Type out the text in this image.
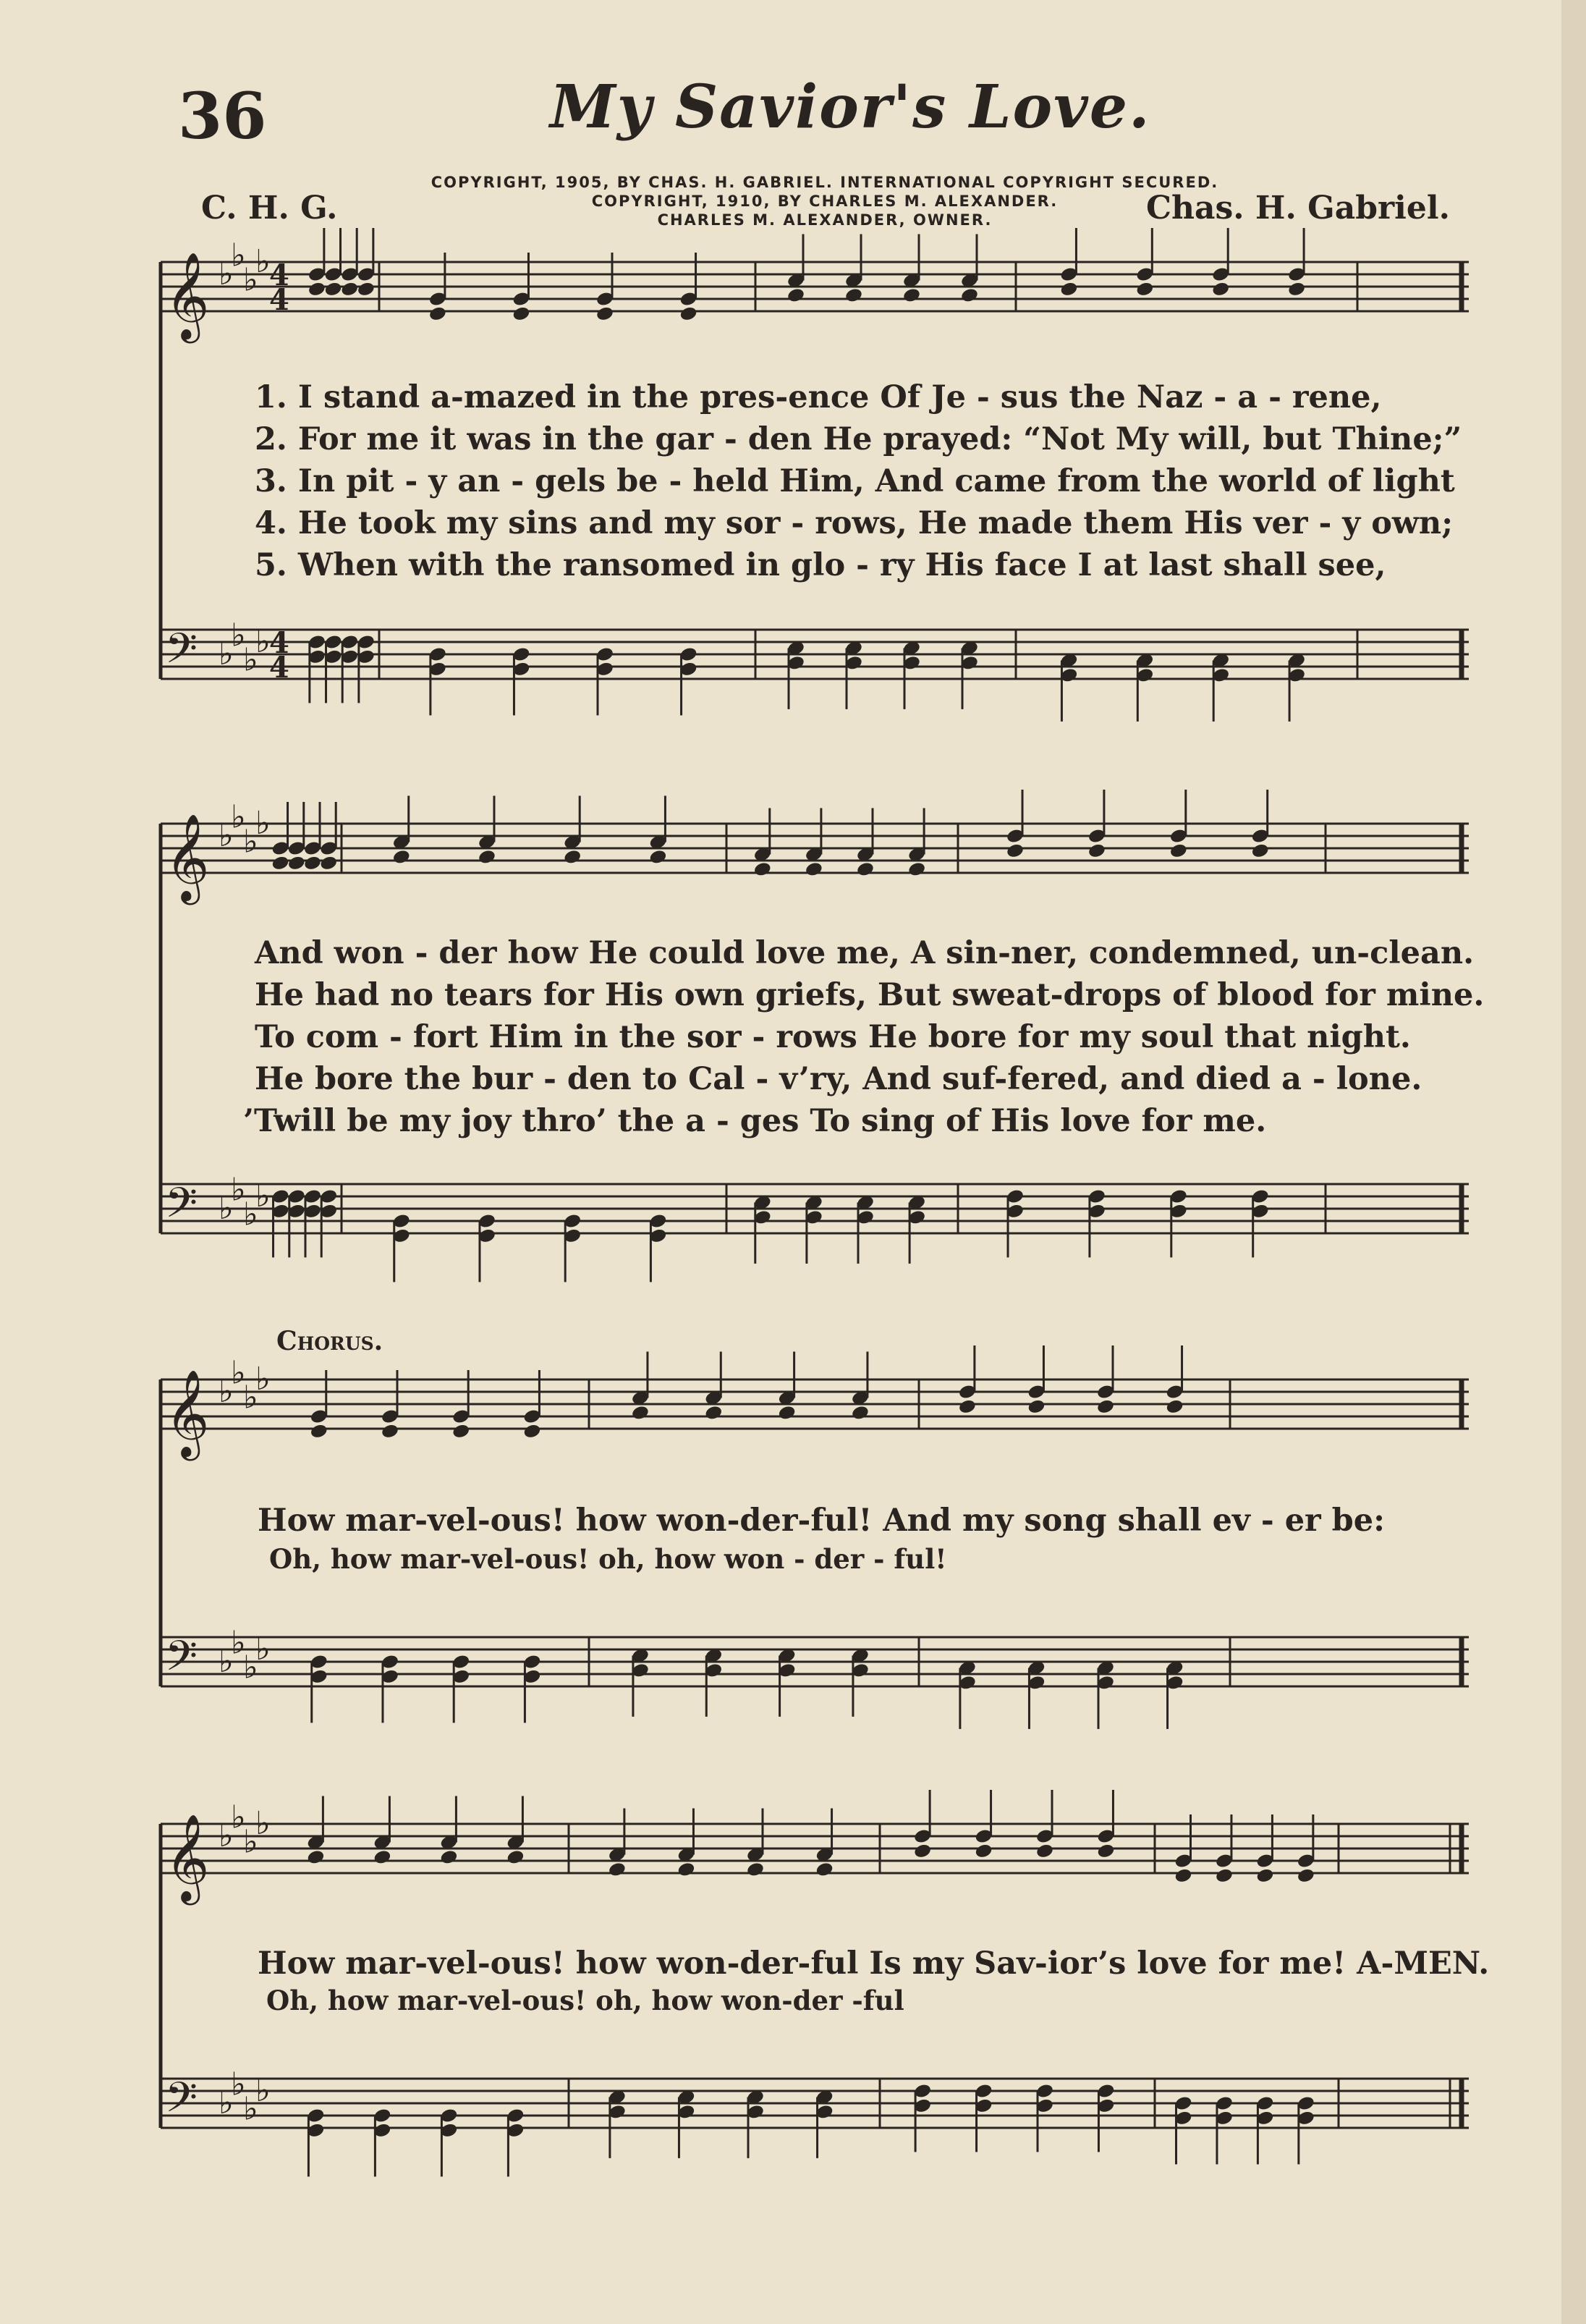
36	My Savior's Love.
COPYRIGHT, 1905, BY CHAS. H. GABRIEL. INTERNATIONAL COPYRIGHT SECURED.
COPYRIGHT, 1910, BY CHARLES M. ALEXANDER.
CHARLES M. ALEXANDER, OWNER.
C. H. G.	Chas. H. Gabriel.
𝄞 ♭
♭
♭
♭
4
4
𝄢 ♭
♭
♭
♭
4
4
𝄞 ♭
♭
♭
♭
𝄢 ♭
♭
♭
♭
𝄞 ♭
♭
♭
♭
𝄢 ♭
♭
♭
♭
𝄞 ♭
♭
♭
♭
𝄢 ♭
♭
♭
♭
1. I stand a-mazed in the pres-ence Of Je - sus the Naz - a - rene,
2. For me it was in the gar - den He prayed: “Not My will, but Thine;”
3. In pit - y an - gels be - held Him, And came from the world of light
4. He took my sins and my sor - rows, He made them His ver - y own;
5. When with the ransomed in glo - ry His face I at last shall see,
And won - der how He could love me, A sin-ner, condemned, un-clean.
He had no tears for His own griefs, But sweat-drops of blood for mine.
To com - fort Him in the sor - rows He bore for my soul that night.
He bore the bur - den to Cal - v’ry, And suf-fered, and died a - lone.
’Twill be my joy thro’ the a - ges To sing of His love for me.
Chorus.
How mar-vel-ous! how won-der-ful! And my song shall ev - er be:
Oh, how mar-vel-ous! oh, how won - der - ful!
How mar-vel-ous! how won-der-ful Is my Sav-ior’s love for me! A-MEN.
Oh, how mar-vel-ous! oh, how won-der -ful
